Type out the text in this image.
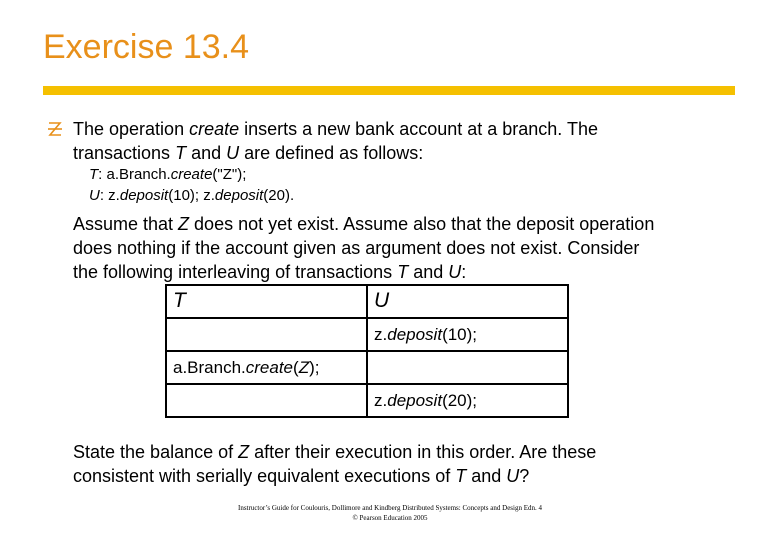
Exercise 13.4
The operation create inserts a new bank account at a branch. The
transactions T and U are defined as follows:
T: a.Branch.create("Z");
U: z.deposit(10); z.deposit(20).
Assume that Z does not yet exist. Assume also that the deposit operation
does nothing if the account given as argument does not exist. Consider
the following interleaving of transactions T and U:
T	U
	z.deposit(10);
a.Branch.create(Z);	
	z.deposit(20);
State the balance of Z after their execution in this order. Are these
consistent with serially equivalent executions of T and U?
Instructor’s Guide for Coulouris, Dollimore and Kindberg Distributed Systems: Concepts and Design Edn. 4
© Pearson Education 2005
